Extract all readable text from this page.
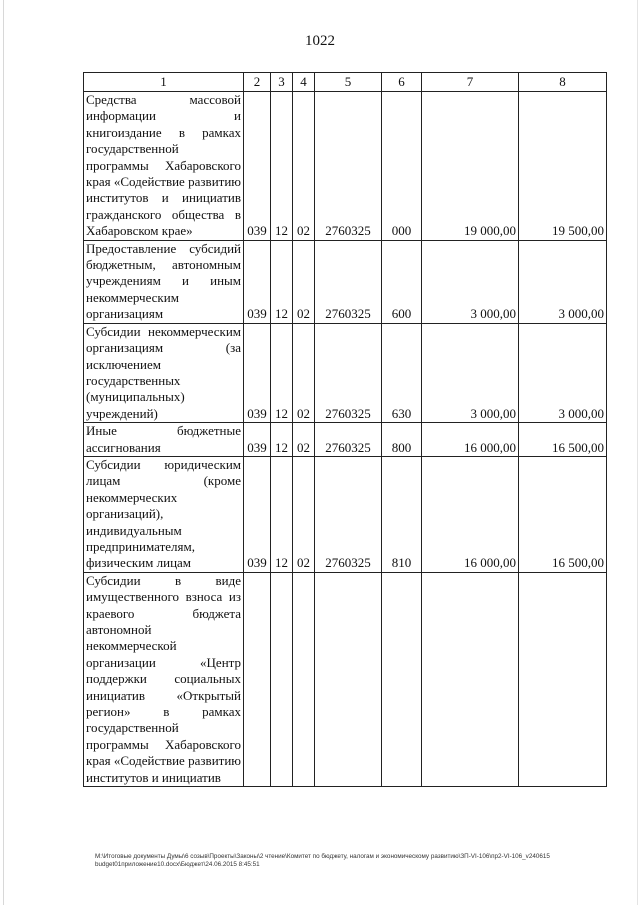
1022
1	2	3	4	5	6	7	8
Средства массовой информации и книгоиздание в рамках государственной программы Хабаровского края «Содействие развитию институтов и инициатив гражданского общества в Хабаровском крае»	039	12	02	2760325	000	19 000,00	19 500,00
Предоставление субсидий бюджетным, автономным учреждениям и иным некоммерческим организациям	039	12	02	2760325	600	3 000,00	3 000,00
Субсидии некоммерческим организациям (за исключением государственных (муниципальных) учреждений)	039	12	02	2760325	630	3 000,00	3 000,00
Иные бюджетные ассигнования	039	12	02	2760325	800	16 000,00	16 500,00
Субсидии юридическим лицам (кроме некоммерческих организаций), индивидуальным предпринимателям, физическим лицам	039	12	02	2760325	810	16 000,00	16 500,00
Субсидии в виде имущественного взноса из краевого бюджета автономной некоммерческой организации «Центр поддержки социальных инициатив «Открытый регион» в рамках государственной программы Хабаровского края «Содействие развитию институтов и инициатив							
M:\Итоговые документы Думы\6 созыв\Проекты\Законы\2 чтение\Комитет по бюджету, налогам и экономическому развитию\ЗП-VI-106\пр2-VI-106_v240615 budget01приложение10.docx\Бюджет\24.06.2015 8:45:51
